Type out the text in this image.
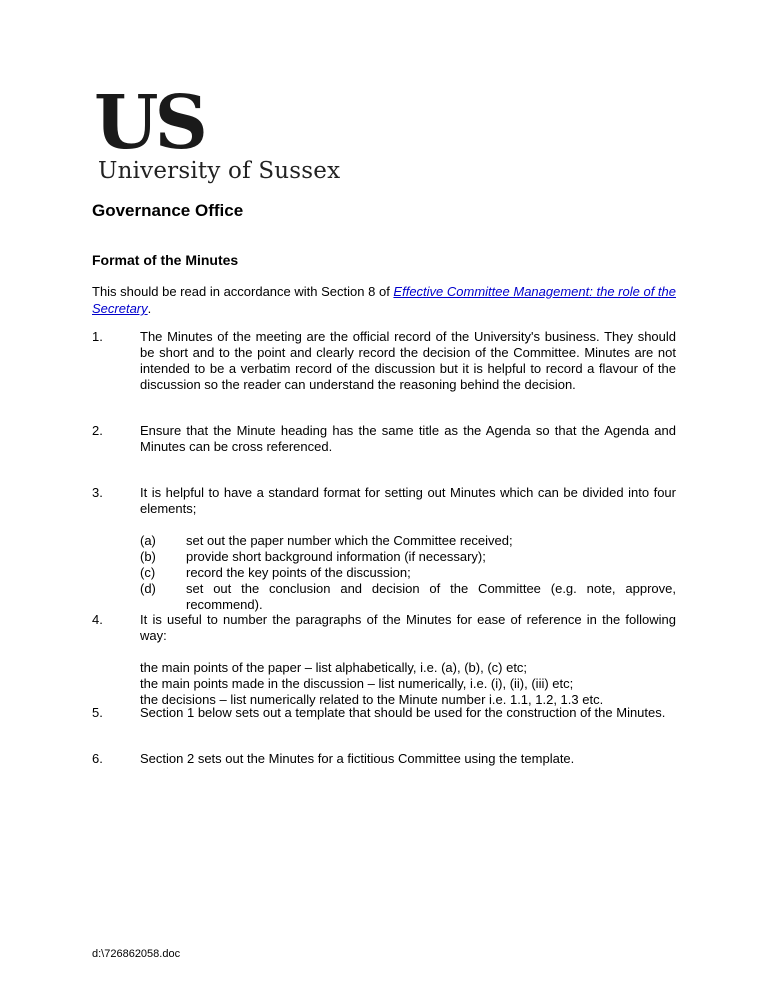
US
University of Sussex
Governance Office
Format of the Minutes

This should be read in accordance with Section 8 of Effective Committee Management: the role of the Secretary.

1.	The Minutes of the meeting are the official record of the University's business. They should be short and to the point and clearly record the decision of the Committee. Minutes are not intended to be a verbatim record of the discussion but it is helpful to record a flavour of the discussion so the reader can understand the reasoning behind the decision.
2.	Ensure that the Minute heading has the same title as the Agenda so that the Agenda and Minutes can be cross referenced.
3.	It is helpful to have a standard format for setting out Minutes which can be divided into four elements;
(a) set out the paper number which the Committee received;
(b) provide short background information (if necessary);
(c) record the key points of the discussion;
(d) set out the conclusion and decision of the Committee (e.g. note, approve, recommend).
4.	It is useful to number the paragraphs of the Minutes for ease of reference in the following way:
the main points of the paper – list alphabetically, i.e. (a), (b), (c) etc;
the main points made in the discussion – list numerically, i.e. (i), (ii), (iii) etc;
the decisions – list numerically related to the Minute number i.e. 1.1, 1.2, 1.3 etc.
5.	Section 1 below sets out a template that should be used for the construction of the Minutes.
6.	Section 2 sets out the Minutes for a fictitious Committee using the template.

d:\726862058.doc
